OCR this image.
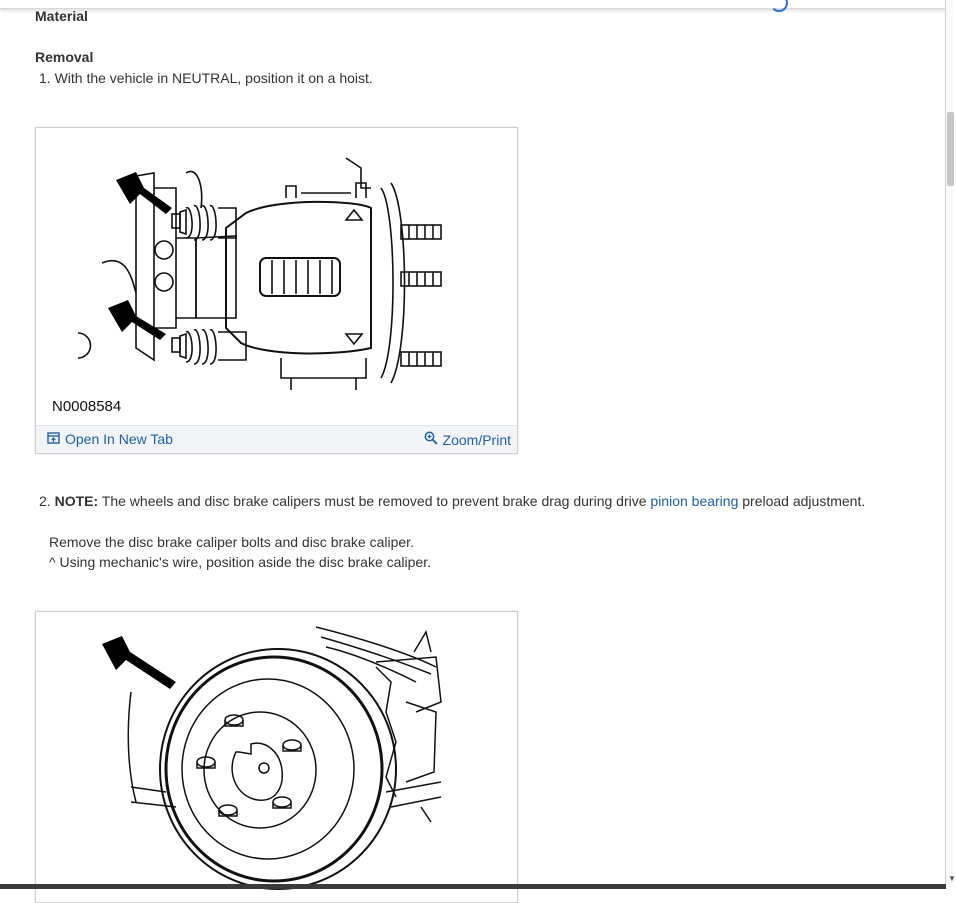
▼
Material
Removal
1. With the vehicle in NEUTRAL, position it on a hoist.
N0008584
Open In New Tab	Zoom/Print
2. NOTE: The wheels and disc brake calipers must be removed to prevent brake drag during drive pinion bearing preload adjustment.
Remove the disc brake caliper bolts and disc brake caliper.
^ Using mechanic's wire, position aside the disc brake caliper.
